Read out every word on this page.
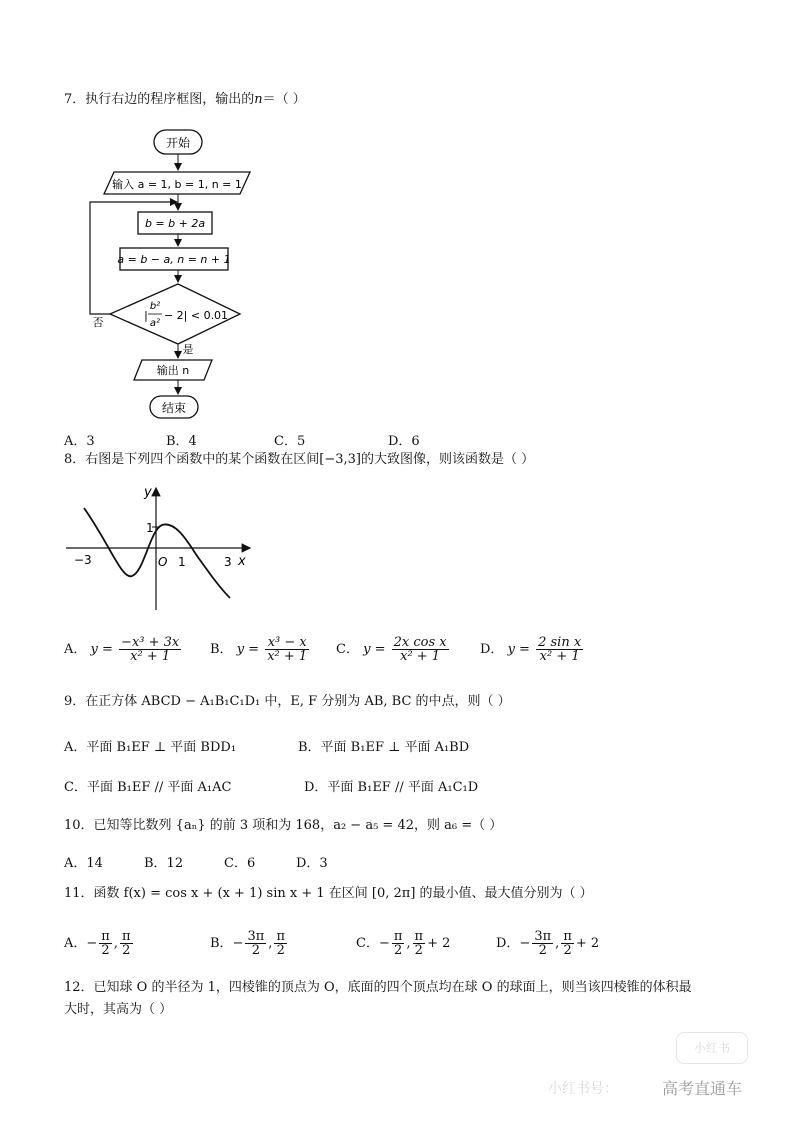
7．执行右边的程序框图，输出的n＝（ ）
开始
输入 a = 1, b = 1, n = 1
b = b + 2a
a = b − a, n = n + 1
|
b²
a²
− 2| < 0.01
否
是
输出 n
结束
A．3	B．4	C．5	D．6
8．右图是下列四个函数中的某个函数在区间[−3,3]的大致图像，则该函数是（ ）
y
x
O
−3	1	3
1
A． $y = \frac{\text{−x³ + 3x}}{\text{x² + 1}}$ B． $y = \frac{\text{x³ − x}}{\text{x² + 1}}$ C． $y = \frac{\text{2x cos x}}{\text{x² + 1}}$ D． $y = \frac{\text{2 sin x}}{\text{x² + 1}}$
9．在正方体 ABCD − A₁B₁C₁D₁ 中，E, F 分别为 AB, BC 的中点，则（ ）
A．平面 B₁EF ⊥ 平面 BDD₁	B．平面 B₁EF ⊥ 平面 A₁BD
C．平面 B₁EF // 平面 A₁AC	D．平面 B₁EF // 平面 A₁C₁D
10．已知等比数列 {aₙ} 的前 3 项和为 168，a₂ − a₅ = 42，则 a₆ =（ ）
A．14	B．12	C．6	D．3
11．函数 f(x) = cos x + (x + 1) sin x + 1 在区间 [0, 2π] 的最小值、最大值分别为（ ）
A．− $\frac{\pi}{2}$ , $\frac{\pi}{2}$	B．− $\frac{3\pi}{2}$ , $\frac{\pi}{2}$	C．− $\frac{\pi}{2}$ , $\frac{\pi}{2} + 2$	D．− $\frac{3\pi}{2}$ , $\frac{\pi}{2} + 2$
12．已知球 O 的半径为 1，四棱锥的顶点为 O，底面的四个顶点均在球 O 的球面上，则当该四棱锥的体积最
大时，其高为（ ）
小红书
小红书号：	高考直通车
